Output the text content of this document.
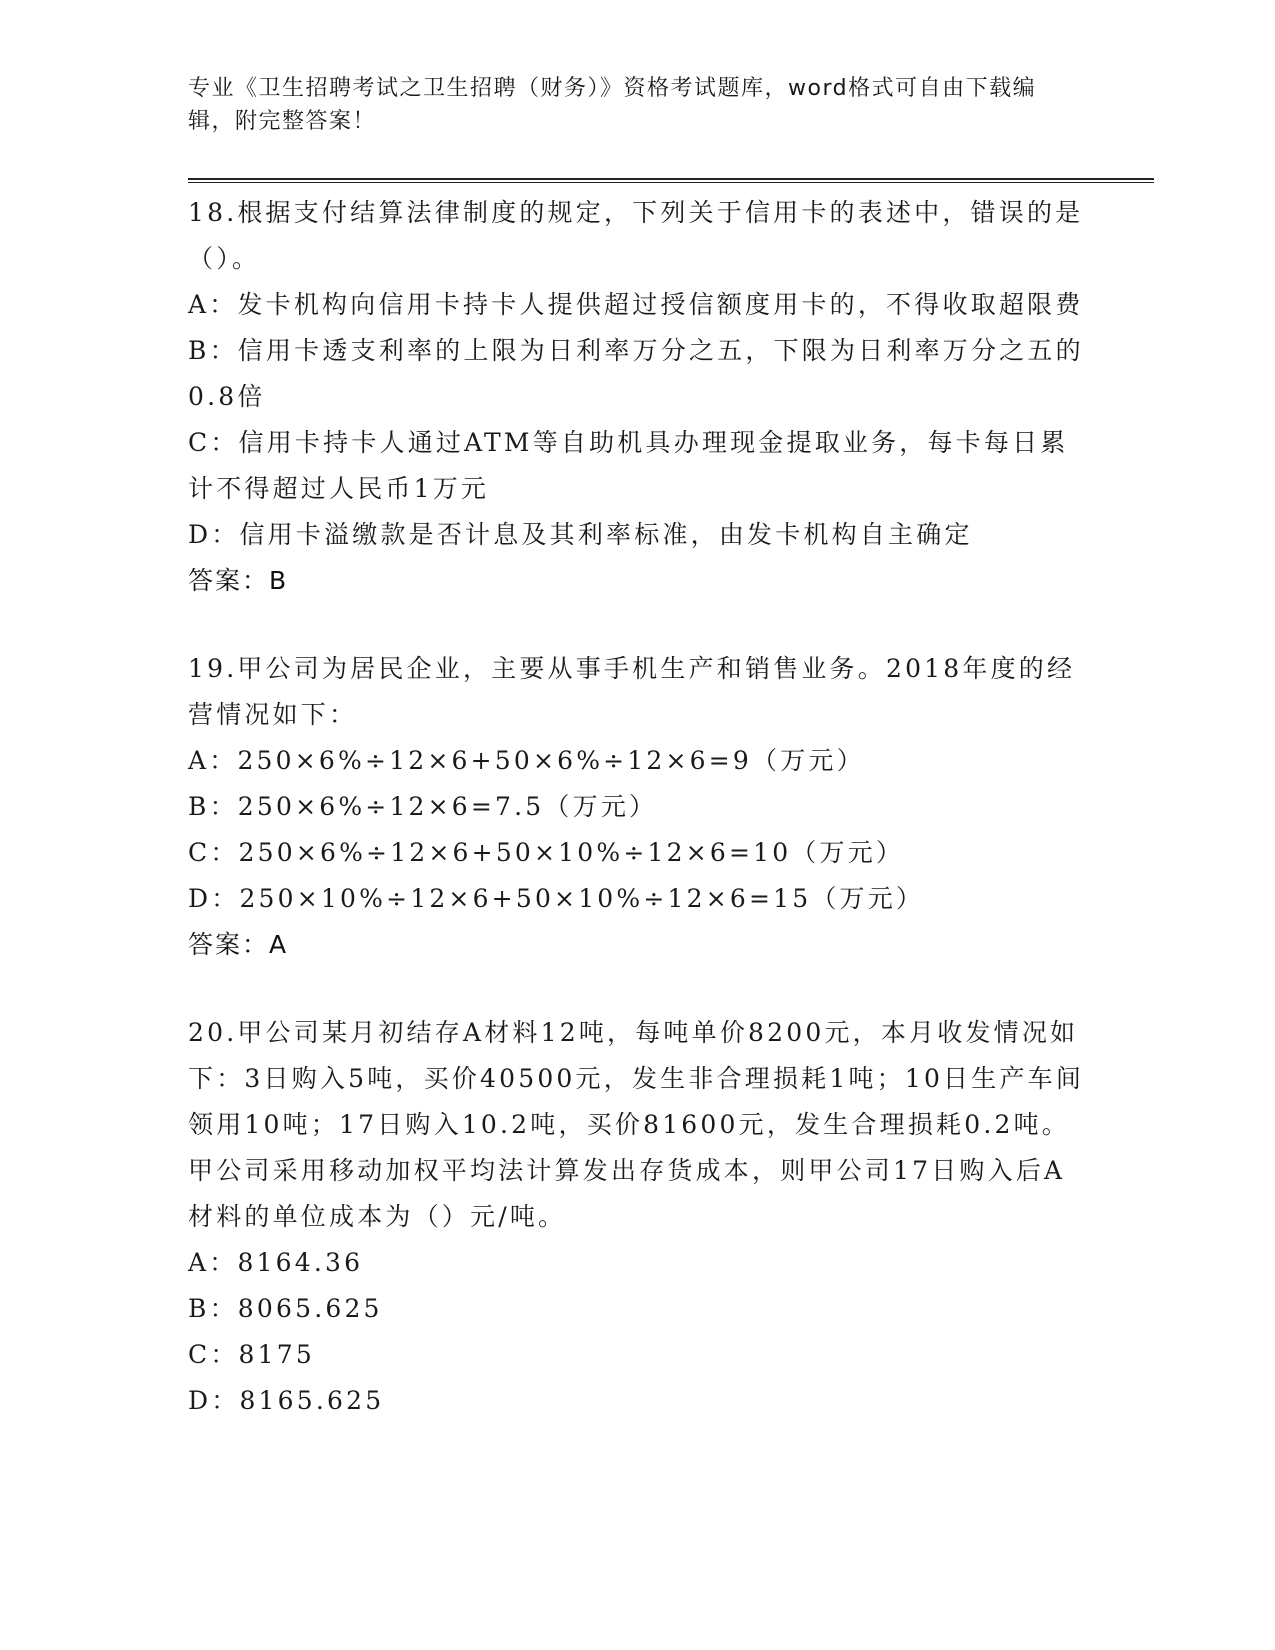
专业《卫生招聘考试之卫生招聘（财务）》资格考试题库，word格式可自由下载编辑，附完整答案！

18.根据支付结算法律制度的规定，下列关于信用卡的表述中，错误的是（）。

A：发卡机构向信用卡持卡人提供超过授信额度用卡的，不得收取超限费

B：信用卡透支利率的上限为日利率万分之五，下限为日利率万分之五的0.8倍

C：信用卡持卡人通过ATM等自助机具办理现金提取业务，每卡每日累计不得超过人民币1万元

D：信用卡溢缴款是否计息及其利率标准，由发卡机构自主确定

答案：B

19.甲公司为居民企业，主要从事手机生产和销售业务。2018年度的经营情况如下：

A：250×6%÷12×6+50×6%÷12×6=9（万元）

B：250×6%÷12×6=7.5（万元）

C：250×6%÷12×6+50×10%÷12×6=10（万元）

D：250×10%÷12×6+50×10%÷12×6=15（万元）

答案：A

20.甲公司某月初结存A材料12吨，每吨单价8200元，本月收发情况如下：3日购入5吨，买价40500元，发生非合理损耗1吨；10日生产车间领用10吨；17日购入10.2吨，买价81600元，发生合理损耗0.2吨。甲公司采用移动加权平均法计算发出存货成本，则甲公司17日购入后A材料的单位成本为（）元/吨。

A：8164.36

B：8065.625

C：8175

D：8165.625
